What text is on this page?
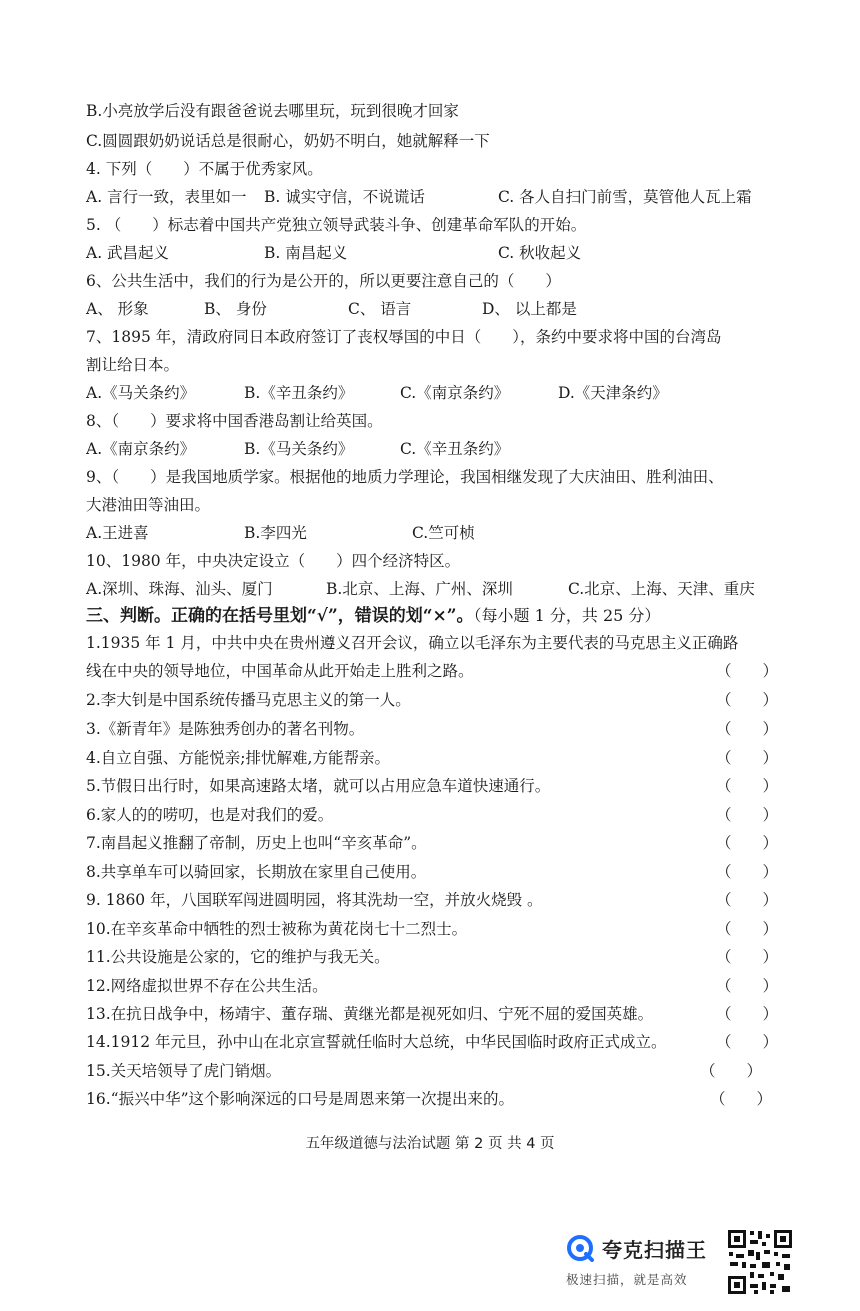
B.小亮放学后没有跟爸爸说去哪里玩，玩到很晚才回家
C.圆圆跟奶奶说话总是很耐心，奶奶不明白，她就解释一下
4. 下列（　　）不属于优秀家风。
A. 言行一致，表里如一 B. 诚实守信，不说谎话	C. 各人自扫门前雪，莫管他人瓦上霜
5. （　　）标志着中国共产党独立领导武装斗争、创建革命军队的开始。
A. 武昌起义	B. 南昌起义	C. 秋收起义
6、公共生活中，我们的行为是公开的，所以更要注意自己的（　　）
A、 形象	B、 身份	C、 语言	D、 以上都是
7、1895 年，清政府同日本政府签订了丧权辱国的中日（　　），条约中要求将中国的台湾岛
割让给日本。
A.《马关条约》	B.《辛丑条约》	C.《南京条约》	D.《天津条约》
8、（　　）要求将中国香港岛割让给英国。
A.《南京条约》	B.《马关条约》	C.《辛丑条约》
9、（　　）是我国地质学家。根据他的地质力学理论，我国相继发现了大庆油田、胜利油田、
大港油田等油田。
A.王进喜	B.李四光	C.竺可桢
10、1980 年，中央决定设立（　　）四个经济特区。
A.深圳、珠海、汕头、厦门	B.北京、上海、广州、深圳	C.北京、上海、天津、重庆
三、判断。正确的在括号里划“√”，错误的划“×”。（每小题 1 分，共 25 分）
1.1935 年 1 月，中共中央在贵州遵义召开会议，确立以毛泽东为主要代表的马克思主义正确路
线在中央的领导地位，中国革命从此开始走上胜利之路。	（　　）
2.李大钊是中国系统传播马克思主义的第一人。	（　　）
3.《新青年》是陈独秀创办的著名刊物。	（　　）
4.自立自强、方能悦亲;排忧解难,方能帮亲。	（　　）
5.节假日出行时，如果高速路太堵，就可以占用应急车道快速通行。	（　　）
6.家人的的唠叨，也是对我们的爱。	（　　）
7.南昌起义推翻了帝制，历史上也叫“辛亥革命”。	（　　）
8.共享单车可以骑回家，长期放在家里自己使用。	（　　）
9. 1860 年，八国联军闯进圆明园，将其洗劫一空，并放火烧毁 。	（　　）
10.在辛亥革命中牺牲的烈士被称为黄花岗七十二烈士。	（　　）
11.公共设施是公家的，它的维护与我无关。	（　　）
12.网络虚拟世界不存在公共生活。	（　　）
13.在抗日战争中，杨靖宇、董存瑞、黄继光都是视死如归、宁死不屈的爱国英雄。	（　　）
14.1912 年元旦，孙中山在北京宣誓就任临时大总统，中华民国临时政府正式成立。	（　　）
15.关天培领导了虎门销烟。	（　　）
16.“振兴中华”这个影响深远的口号是周恩来第一次提出来的。	（　　）
五年级道德与法治试题 第 2 页 共 4 页
夸克扫描王
极速扫描，就是高效
